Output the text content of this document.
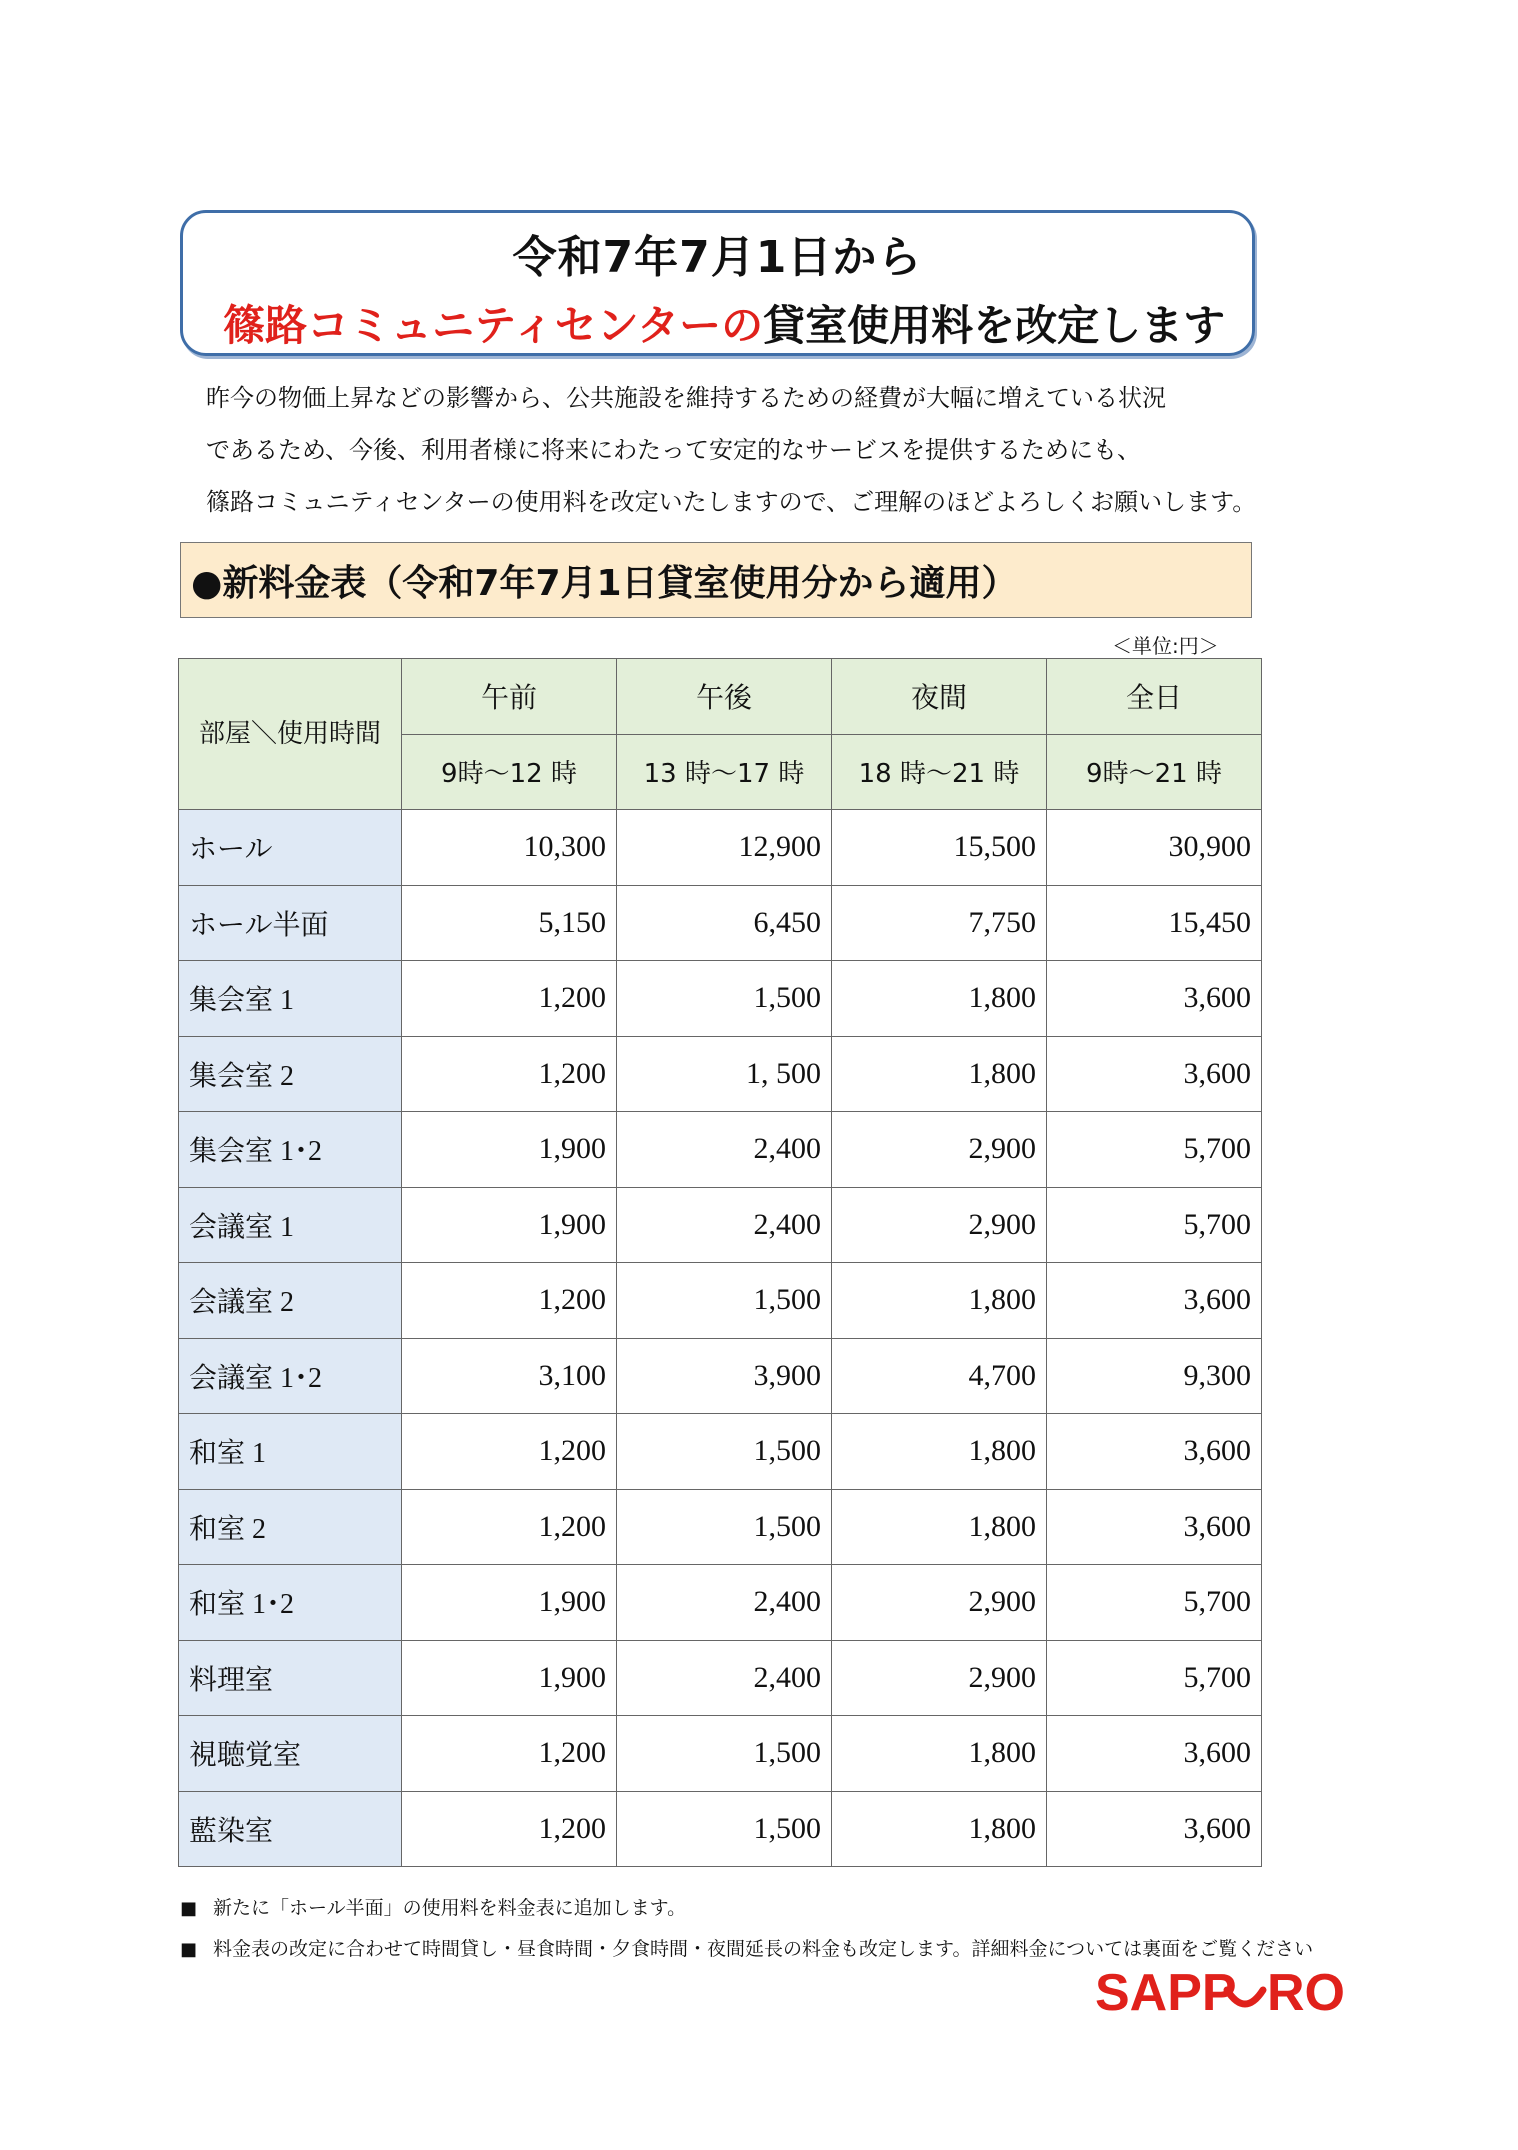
令和7年7月1日から
篠路コミュニティセンターの貸室使用料を改定します

昨今の物価上昇などの影響から、公共施設を維持するための経費が大幅に増えている状況

であるため、今後、利用者様に将来にわたって安定的なサービスを提供するためにも、

篠路コミュニティセンターの使用料を改定いたしますので、ご理解のほどよろしくお願いします。

●新料金表（令和7年7月1日貸室使用分から適用）
＜単位:円＞
部屋＼使用時間	午前	午後	夜間	全日
	9時～12 時	13 時～17 時	18 時～21 時	9時～21 時
ホール	10,300	12,900	15,500	30,900
ホール半面	5,150	6,450	7,750	15,450
集会室 1	1,200	1,500	1,800	3,600
集会室 2	1,200	1, 500	1,800	3,600
集会室 1･2	1,900	2,400	2,900	5,700
会議室 1	1,900	2,400	2,900	5,700
会議室 2	1,200	1,500	1,800	3,600
会議室 1･2	3,100	3,900	4,700	9,300
和室 1	1,200	1,500	1,800	3,600
和室 2	1,200	1,500	1,800	3,600
和室 1･2	1,900	2,400	2,900	5,700
料理室	1,900	2,400	2,900	5,700
視聴覚室	1,200	1,500	1,800	3,600
藍染室	1,200	1,500	1,800	3,600

■ 新たに「ホール半面」の使用料を料金表に追加します。

■ 料金表の改定に合わせて時間貸し・昼食時間・夕食時間・夜間延長の料金も改定します。詳細料金については裏面をご覧ください

SAPP RO
